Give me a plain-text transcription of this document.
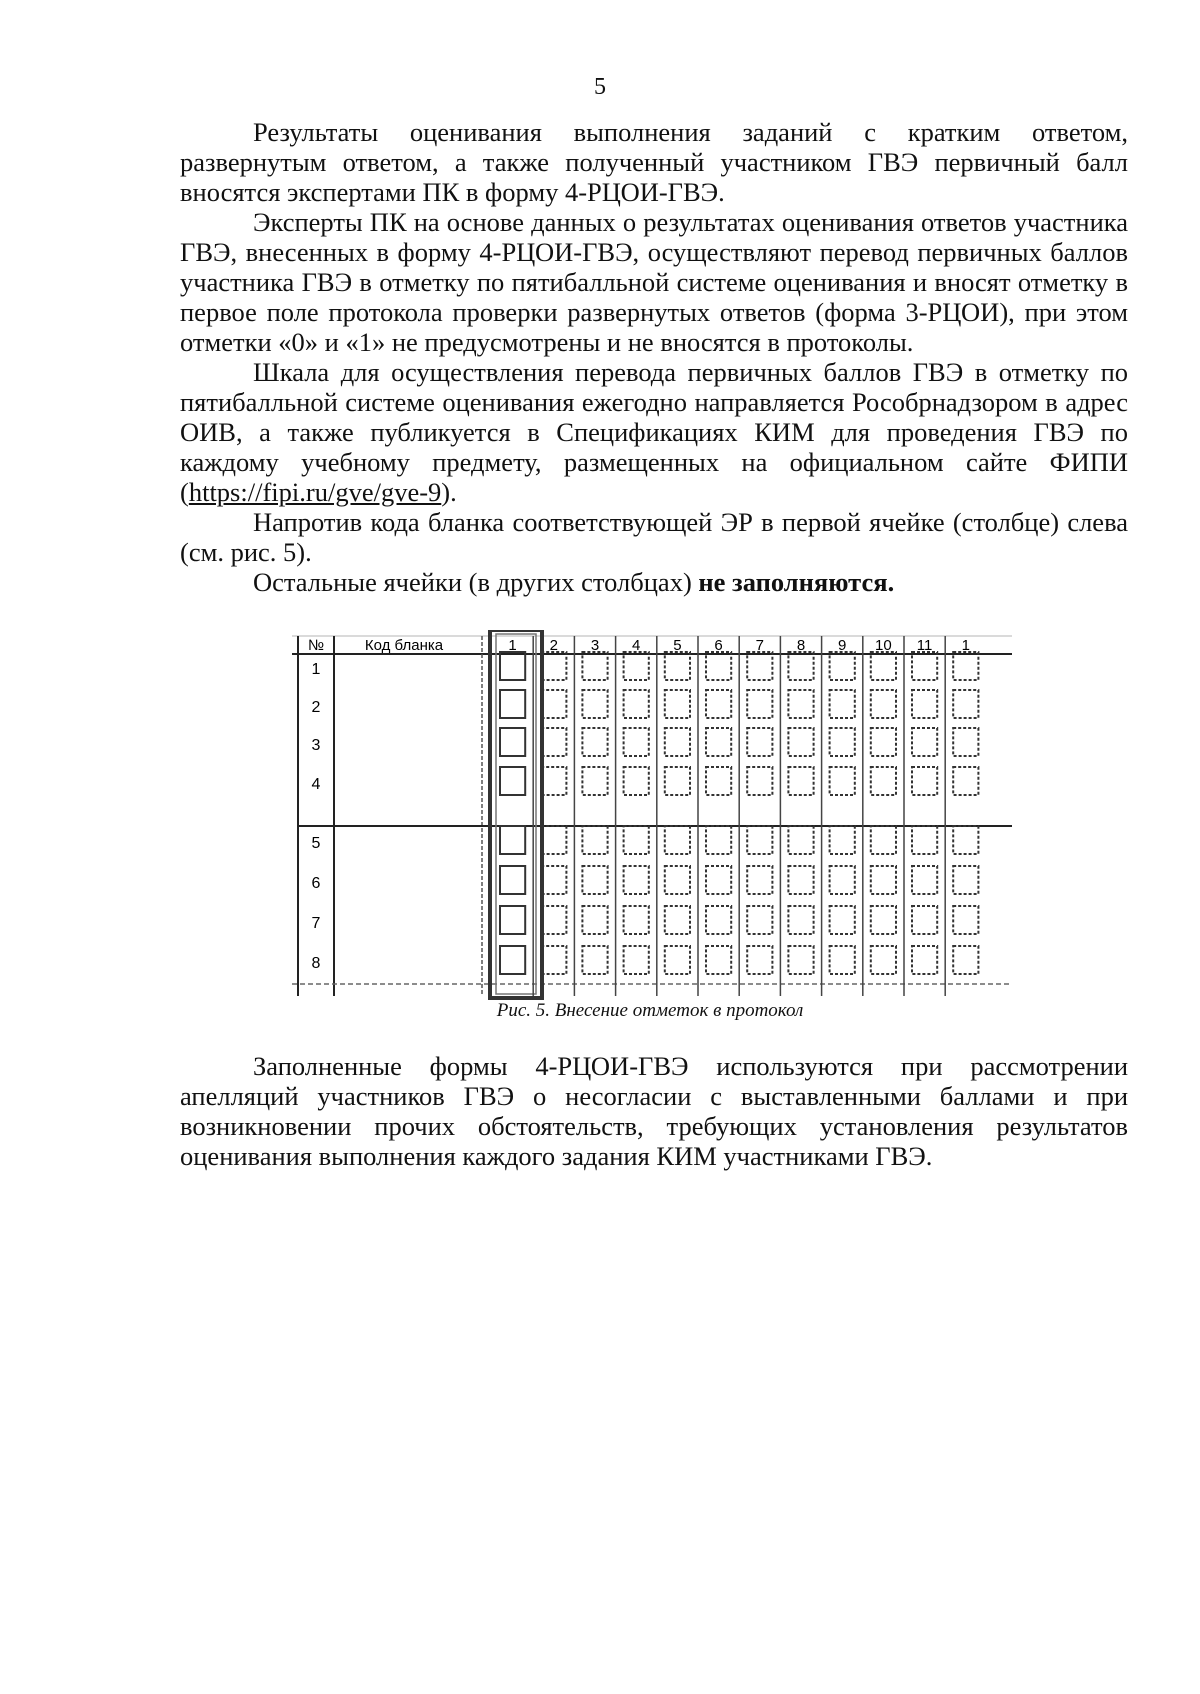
5

Результаты оценивания выполнения заданий с кратким ответом, развернутым ответом, а также полученный участником ГВЭ первичный балл вносятся экспертами ПК в форму 4-РЦОИ-ГВЭ.

Эксперты ПК на основе данных о результатах оценивания ответов участника ГВЭ, внесенных в форму 4-РЦОИ-ГВЭ, осуществляют перевод первичных баллов участника ГВЭ в отметку по пятибалльной системе оценивания и вносят отметку в первое поле протокола проверки развернутых ответов (форма 3-РЦОИ), при этом отметки «0» и «1» не предусмотрены и не вносятся в протоколы.

Шкала для осуществления перевода первичных баллов ГВЭ в отметку по пятибалльной системе оценивания ежегодно направляется Рособрнадзором в адрес ОИВ, а также публикуется в Спецификациях КИМ для проведения ГВЭ по каждому учебному предмету, размещенных на официальном сайте ФИПИ (https://fipi.ru/gve/gve-9).

Напротив кода бланка соответствующей ЭР в первой ячейке (столбце) слева (см. рис. 5).

Остальные ячейки (в других столбцах) не заполняются.

№	Код бланка	1 2 3 4 5 6 7 8 9 10 11 1
1
2
3
4
5
6
7
8
Рис. 5. Внесение отметок в протокол

Заполненные формы 4-РЦОИ-ГВЭ используются при рассмотрении апелляций участников ГВЭ о несогласии с выставленными баллами и при возникновении прочих обстоятельств, требующих установления результатов оценивания выполнения каждого задания КИМ участниками ГВЭ.
